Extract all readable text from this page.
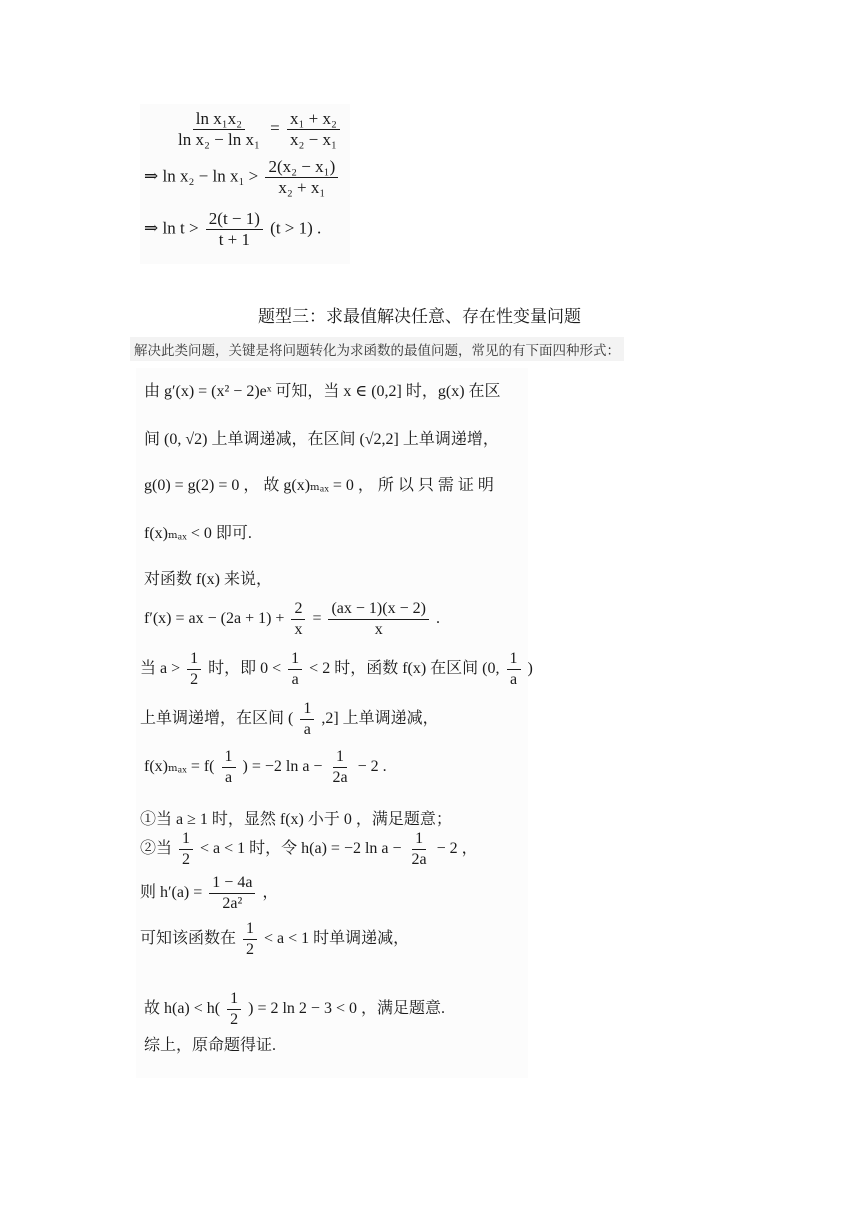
$\frac{\text{ln x₁x₂}}{\text{ln x₂ − ln x₁}} = \frac{\text{x₁ + x₂}}{\text{x₂ − x₁}}$
⇒ $\ln x_2 - \ln x_1 > \frac{\text{2(x₂ − x₁)}}{\text{x₂ + x₁}}$
⇒ $\ln t > \frac{2(t - 1)}{t + 1} (t > 1)$ .
题型三：求最值解决任意、存在性变量问题
解决此类问题，关键是将问题转化为求函数的最值问题，常见的有下面四种形式：
由 g′(x) = (x² − 2)eˣ 可知，当 x ∈ (0,2] 时，g(x) 在区
间 (0, √2) 上单调递减，在区间 (√2,2] 上单调递增，
g(0) = g(2) = 0 ， 故 g(x)ₘₐₓ = 0 ， 所 以 只 需 证 明
f(x)ₘₐₓ < 0 即可.
对函数 f(x) 来说，
f′(x) = ax − $(2a + 1) + \frac{2}{x} = \frac{(ax - 1)(x - 2)}{x}$ .
当 $a > \frac{1}{2}$ 时，即 $0 < \frac{1}{a} < 2$ 时，函数 f(x) 在区间 (0, $\frac{1}{a}$ )
上单调递增，在区间 ( $\frac{1}{a} ,2$] 上单调递减，
$f(x)_{max} = f( \frac{1}{a}$ ) = −2 $\ln a - \frac{1}{2a} - 2$ .
①当 a ≥ 1 时，显然 f(x) 小于 0 ，满足题意；
②当 $\frac{1}{2} < a < 1$ 时，令 h(a) = −2 $\ln a - \frac{1}{2a} - 2$ ，
则 $h'(a) = \frac{1 - 4a}{\text{2a²}}$ ，
可知该函数在 $\frac{1}{2} < a < 1$ 时单调递减，
故 $h(a) < h( \frac{1}{2}$ ) = 2 ln 2 − 3 < 0 ，满足题意.
综上，原命题得证.
